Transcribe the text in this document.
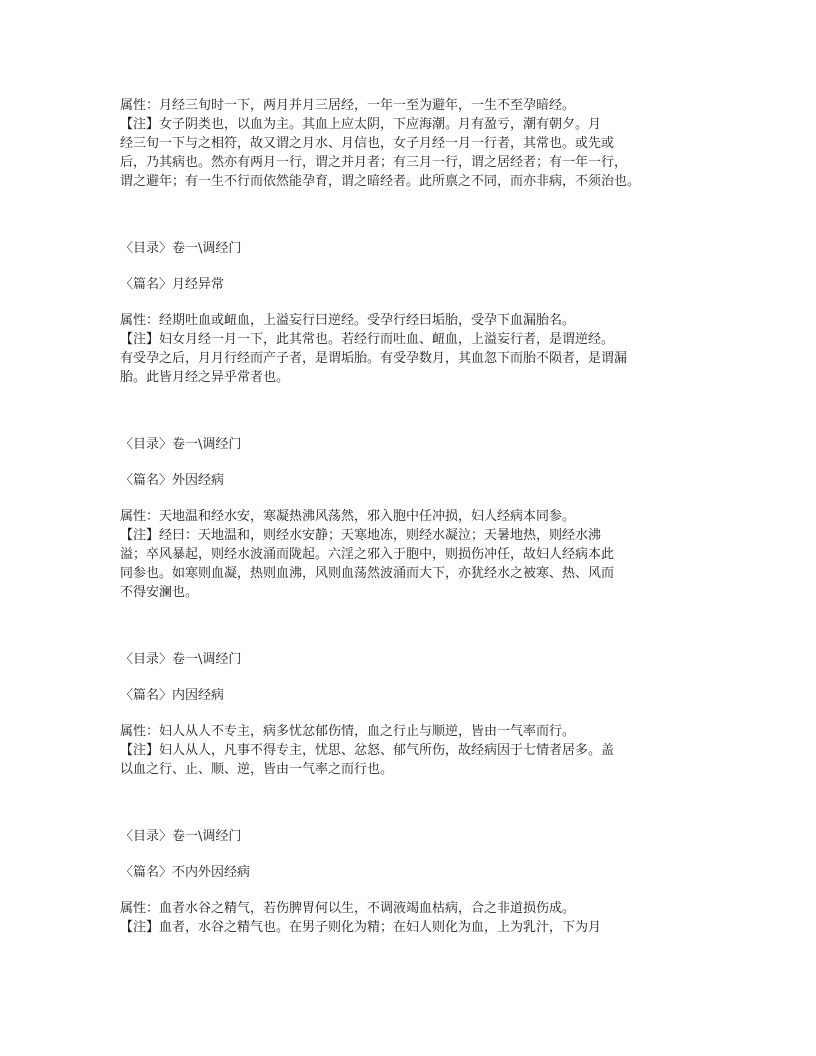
属性：月经三旬时一下，两月并月三居经，一年一至为避年，一生不至孕暗经。
【注】女子阴类也，以血为主。其血上应太阴，下应海潮。月有盈亏，潮有朝夕。月
经三旬一下与之相符，故又谓之月水、月信也，女子月经一月一行者，其常也。或先或
后，乃其病也。然亦有两月一行，谓之并月者；有三月一行，谓之居经者；有一年一行，
谓之避年；有一生不行而依然能孕育，谓之暗经者。此所禀之不同，而亦非病，不须治也。
〈目录〉卷一\调经门
〈篇名〉月经异常
属性：经期吐血或衄血，上溢妄行曰逆经。受孕行经曰垢胎，受孕下血漏胎名。
【注】妇女月经一月一下，此其常也。若经行而吐血、衄血，上溢妄行者，是谓逆经。
有受孕之后，月月行经而产子者，是谓垢胎。有受孕数月，其血忽下而胎不陨者，是谓漏
胎。此皆月经之异乎常者也。
〈目录〉卷一\调经门
〈篇名〉外因经病
属性：天地温和经水安，寒凝热沸风荡然，邪入胞中任冲损，妇人经病本同参。
【注】经曰：天地温和，则经水安静；天寒地冻，则经水凝泣；天暑地热，则经水沸
溢；卒风暴起，则经水波涌而陇起。六淫之邪入于胞中，则损伤冲任，故妇人经病本此
同参也。如寒则血凝，热则血沸，风则血荡然波涌而大下，亦犹经水之被寒、热、风而
不得安澜也。
〈目录〉卷一\调经门
〈篇名〉内因经病
属性：妇人从人不专主，病多忧忿郁伤情，血之行止与顺逆，皆由一气率而行。
【注】妇人从人，凡事不得专主，忧思、忿怒、郁气所伤，故经病因于七情者居多。盖
以血之行、止、顺、逆，皆由一气率之而行也。
〈目录〉卷一\调经门
〈篇名〉不内外因经病
属性：血者水谷之精气，若伤脾胃何以生，不调液竭血枯病，合之非道损伤成。
【注】血者，水谷之精气也。在男子则化为精；在妇人则化为血，上为乳汁，下为月
